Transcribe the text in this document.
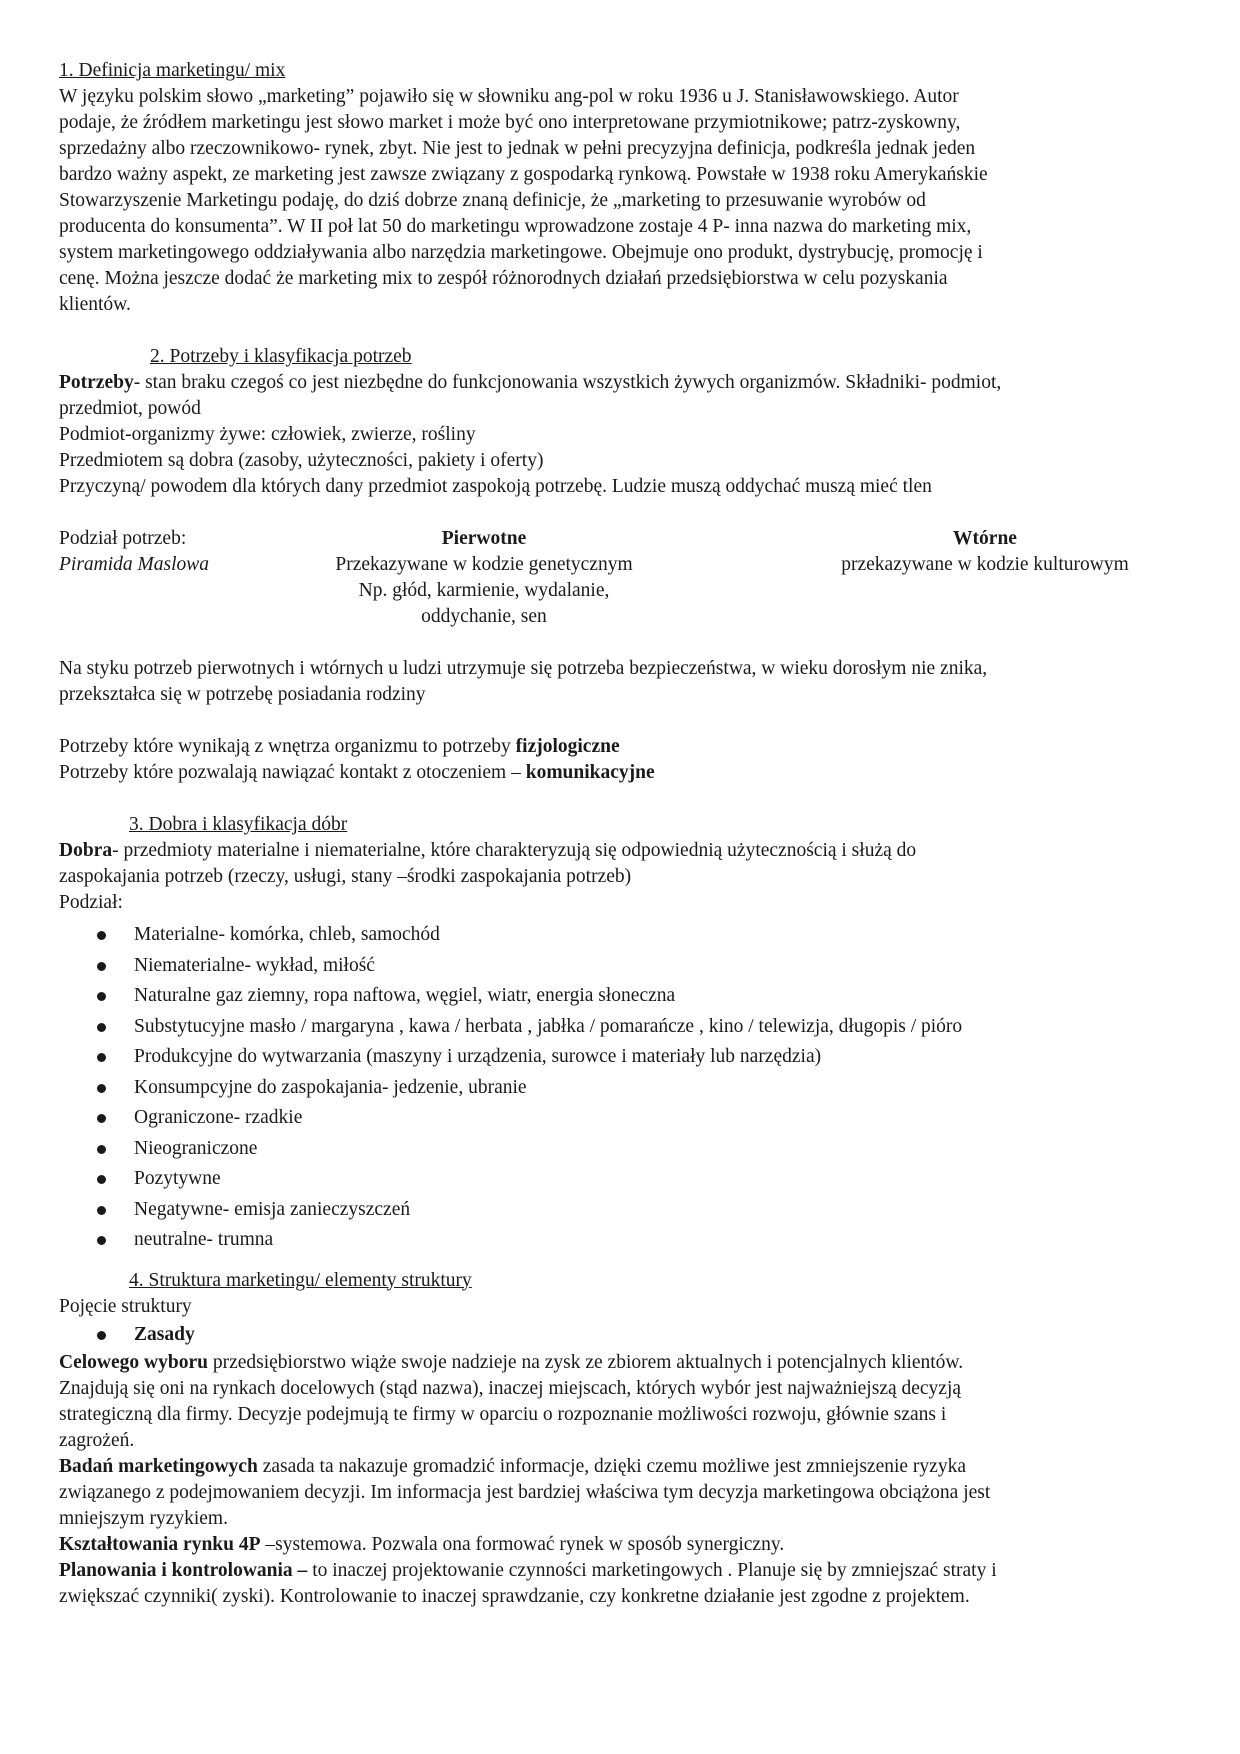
1. Definicja marketingu/ mix

W języku polskim słowo „marketing” pojawiło się w słowniku ang-pol w roku 1936 u J. Stanisławowskiego. Autor

podaje, że źródłem marketingu jest słowo market i może być ono interpretowane przymiotnikowe; patrz-zyskowny,

sprzedażny albo rzeczownikowo- rynek, zbyt. Nie jest to jednak w pełni precyzyjna definicja, podkreśla jednak jeden

bardzo ważny aspekt, ze marketing jest zawsze związany z gospodarką rynkową. Powstałe w 1938 roku Amerykańskie

Stowarzyszenie Marketingu podaję, do dziś dobrze znaną definicje, że „marketing to przesuwanie wyrobów od

producenta do konsumenta”. W II poł lat 50 do marketingu wprowadzone zostaje 4 P- inna nazwa do marketing mix,

system marketingowego oddziaływania albo narzędzia marketingowe. Obejmuje ono produkt, dystrybucję, promocję i

cenę. Można jeszcze dodać że marketing mix to zespół różnorodnych działań przedsiębiorstwa w celu pozyskania

klientów.

2. Potrzeby i klasyfikacja potrzeb

Potrzeby- stan braku czegoś co jest niezbędne do funkcjonowania wszystkich żywych organizmów. Składniki- podmiot,

przedmiot, powód

Podmiot-organizmy żywe: człowiek, zwierze, rośliny

Przedmiotem są dobra (zasoby, użyteczności, pakiety i oferty)

Przyczyną/ powodem dla których dany przedmiot zaspokoją potrzebę. Ludzie muszą oddychać muszą mieć tlen

Podział potrzeb:

Piramida Maslowa

Pierwotne

Przekazywane w kodzie genetycznym

Np. głód, karmienie, wydalanie,

oddychanie, sen

Wtórne

przekazywane w kodzie kulturowym

Na styku potrzeb pierwotnych i wtórnych u ludzi utrzymuje się potrzeba bezpieczeństwa, w wieku dorosłym nie znika,

przekształca się w potrzebę posiadania rodziny

Potrzeby które wynikają z wnętrza organizmu to potrzeby fizjologiczne

Potrzeby które pozwalają nawiązać kontakt z otoczeniem – komunikacyjne

3. Dobra i klasyfikacja dóbr

Dobra- przedmioty materialne i niematerialne, które charakteryzują się odpowiednią użytecznością i służą do

zaspokajania potrzeb (rzeczy, usługi, stany –środki zaspokajania potrzeb)

Podział:

Materialne- komórka, chleb, samochód
Niematerialne- wykład, miłość
Naturalne gaz ziemny, ropa naftowa, węgiel, wiatr, energia słoneczna
Substytucyjne masło / margaryna , kawa / herbata , jabłka / pomarańcze , kino / telewizja, długopis / pióro
Produkcyjne do wytwarzania (maszyny i urządzenia, surowce i materiały lub narzędzia)
Konsumpcyjne do zaspokajania- jedzenie, ubranie
Ograniczone- rzadkie
Nieograniczone
Pozytywne
Negatywne- emisja zanieczyszczeń
neutralne- trumna

4. Struktura marketingu/ elementy struktury

Pojęcie struktury

Zasady

Celowego wyboru przedsiębiorstwo wiąże swoje nadzieje na zysk ze zbiorem aktualnych i potencjalnych klientów.

Znajdują się oni na rynkach docelowych (stąd nazwa), inaczej miejscach, których wybór jest najważniejszą decyzją

strategiczną dla firmy. Decyzje podejmują te firmy w oparciu o rozpoznanie możliwości rozwoju, głównie szans i

zagrożeń.

Badań marketingowych zasada ta nakazuje gromadzić informacje, dzięki czemu możliwe jest zmniejszenie ryzyka

związanego z podejmowaniem decyzji. Im informacja jest bardziej właściwa tym decyzja marketingowa obciążona jest

mniejszym ryzykiem.

Kształtowania rynku 4P –systemowa. Pozwala ona formować rynek w sposób synergiczny.

Planowania i kontrolowania – to inaczej projektowanie czynności marketingowych . Planuje się by zmniejszać straty i

zwiększać czynniki( zyski). Kontrolowanie to inaczej sprawdzanie, czy konkretne działanie jest zgodne z projektem.
